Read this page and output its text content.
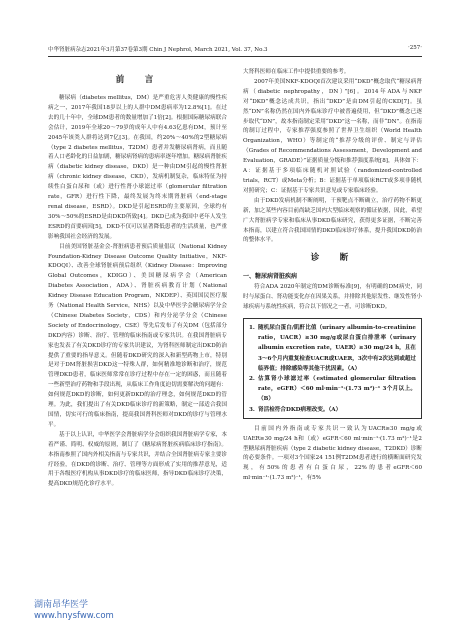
中华肾脏病杂志2021年3月第37卷第3期 Chin J Nephrol, March 2021, Vol. 37, No.3	·257·

前　言

糖尿病（diabetes mellitus，DM）是严重危害人类健康的慢性疾病之一，2017年我国18岁以上的人群中DM患病率为12.8%[1]。在过去的几十年中，全球DM患者的数量增加了1倍[2]。根据国际糖尿病联合会估计，2019年全球20～79岁的成年人中有4.63亿患有DM，预计至2045年该类人群将达到7亿[3]。在我国，约20%～40%的2型糖尿病（type 2 diabetes mellitus，T2DM）患者并发糖尿病肾病，而且随着人口老龄化的日益加剧，糖尿病肾病的患病率逐年增加。糖尿病肾脏疾病（diabetic kidney disease，DKD）是一种由DM引起的慢性肾脏病（chronic kidney disease，CKD），发病机制复杂，临床特征为持续性白蛋白尿和（或）进行性肾小球滤过率（glomerular filtration rate，GFR）进行性下降，最终发展为终末期肾脏病（end-stage renal disease，ESRD）。DKD是引起ESRD的主要原因，全球约有30%～50%的ESRD是由DKD所致[4]。DKD已成为我国中老年人发生ESRD的首要病因[5]，DKD不仅可以显著降低患者的生活质量，也严重影响我国社会经济的发展。

目前美国肾脏基金会-肾脏病患者预后质量倡议（National Kidney Foundation-Kidney Disease Outcome Quality Initiative，NKF-KDOQI）、改善全球肾脏病预后组织（Kidney Disease：Improving Global Outcomes，KDIGO）、美国糖尿病学会（American Diabetes Association，ADA）、肾脏疾病教育计划（National Kidney Disease Education Program，NKDEP）、英国国民医疗服务（National Health Service，NHS）以及中华医学会糖尿病学分会（Chinese Diabetes Society，CDS）和内分泌学分会（Chinese Society of Endocrinology，CSE）等先后发布了有关DM（包括部分DKD内容）诊断、治疗、管理的临床指南或专家共识。在我国肾脏病专家也发表了有关DKD诊疗的专家共识建议，为肾科医师制定出DKD防治提供了重要的指导意义。但随着DKD研究的深入和新型药物上市，特别是对于DM肾脏损害DKD这一特殊人群，如何精准地诊断和治疗，规范管理DKD患者，临床医师常常在诊疗过程中存在一定的困惑，而且随着一些新型治疗药物和手段出现，从临床工作角度迫切需要解决的问题有：如何规范DKD的诊断，如何更新DKD的治疗理念，如何规范DKD的管理。为此，我们提出了有关DKD临床诊疗的新策略，制定一部适合我国国情，切实可行的临床指南，提高我国肾科医师对DKD的诊疗与管理水平。

基于以上认识，中华医学会肾脏病学分会组织我国肾脏病学专家，本着严谨、简明、权威的原则，制订了《糖尿病肾脏疾病临床诊疗指南》。本指南参照了国内外相关指南与专家共识，并结合全国肾脏病专家主要诊疗经验，在DKD的诊断、治疗、管理等方面形成了实用的推荐意见，适用于各级医疗机构从事DKD诊疗的临床医师，指导DKD临床诊疗决策，提高DKD规范化诊疗水平。

大肾科医师在临床工作中提供重要的参考。

2007年美国NKF-KDOQI首次建议采用“DKD”概念取代“糖尿病肾病（diabetic nephropathy，DN）”[6]。2014年ADA与NKF对“DKD”概念达成共识，指出“DKD”是由DM引起的CKD[7]。虽然“DN”名称仍然在国内外临床诊疗中被普遍使用，但“DKD”概念已逐步取代“DN”，故本指南制定采用“DKD”这一名称，而非“DN”。在指南的制订过程中，专家推荐强度参照了世界卫生组织（World Health Organization，WHO）等制定的“推荐分级的评价、制定与评估（Grades of Recommendations Assessment，Development and Evaluation，GRADE）”证据质量分级和推荐强度系统[8]，具体如下：A：证据基于多项临床随机对照试验（randomized-controlled trials，RCT）或Meta分析；B：证据基于单项临床RCT或多项非随机对照研究；C：证据基于专家共识意见或专家临床经验。

由于DKD发病机制不断阐明，干预靶点不断确立，治疗药物不断更新，加之某些内容目前尚缺乏国内大型临床观察的循证依据，因此，希望广大肾脏病学专家和临床从事DKD临床研究，获得更多证据，不断完善本指南，以建立符合我国国情的DKD临床诊疗体系，提升我国DKD防治的整体水平。

诊　断

一、糖尿病肾脏疾病

符合ADA 2020年制定的DM诊断标准[9]，有明确的DM病史，同时与尿蛋白、肾功能变化存在因果关系，并排除其他原发性、继发性肾小球疾病与系统性疾病，符合以下情况之一者，可诊断DKD。

1. 随机尿白蛋白/肌酐比值（urinary albumin-to-creatinine ratio，UACR）≥30 mg/g或尿白蛋白排泄率（urinary albumin excretion rate，UAER）≥30 mg/24 h，且在3～6个月内重复检查UACR或UAER，3次中有2次达到或超过临界值；排除感染等其他干扰因素。（A）

2. 估算肾小球滤过率（estimated glomerular filtration rate，eGFR）＜60 ml·min⁻¹·(1.73 m²)⁻¹ 3个月以上。（B）

3. 肾活检符合DKD病理改变。（A）

目前国内外指南或专家共识一致认为UACR≥30 mg/g或UAER≥30 mg/24 h和（或）eGFR＜60 ml·min⁻¹·(1.73 m²)⁻¹是2型糖尿病肾脏疾病（type 2 diabetic kidney disease，T2DKD）诊断的必要条件。一项对3个国家24 151例T2DM患者进行的横断面研究发现，有50%的患者有白蛋白尿，22%的患者eGFR＜60 ml·min⁻¹·(1.73 m²)⁻¹，有5%

湖南昂华医学
www.hnysfww.com
